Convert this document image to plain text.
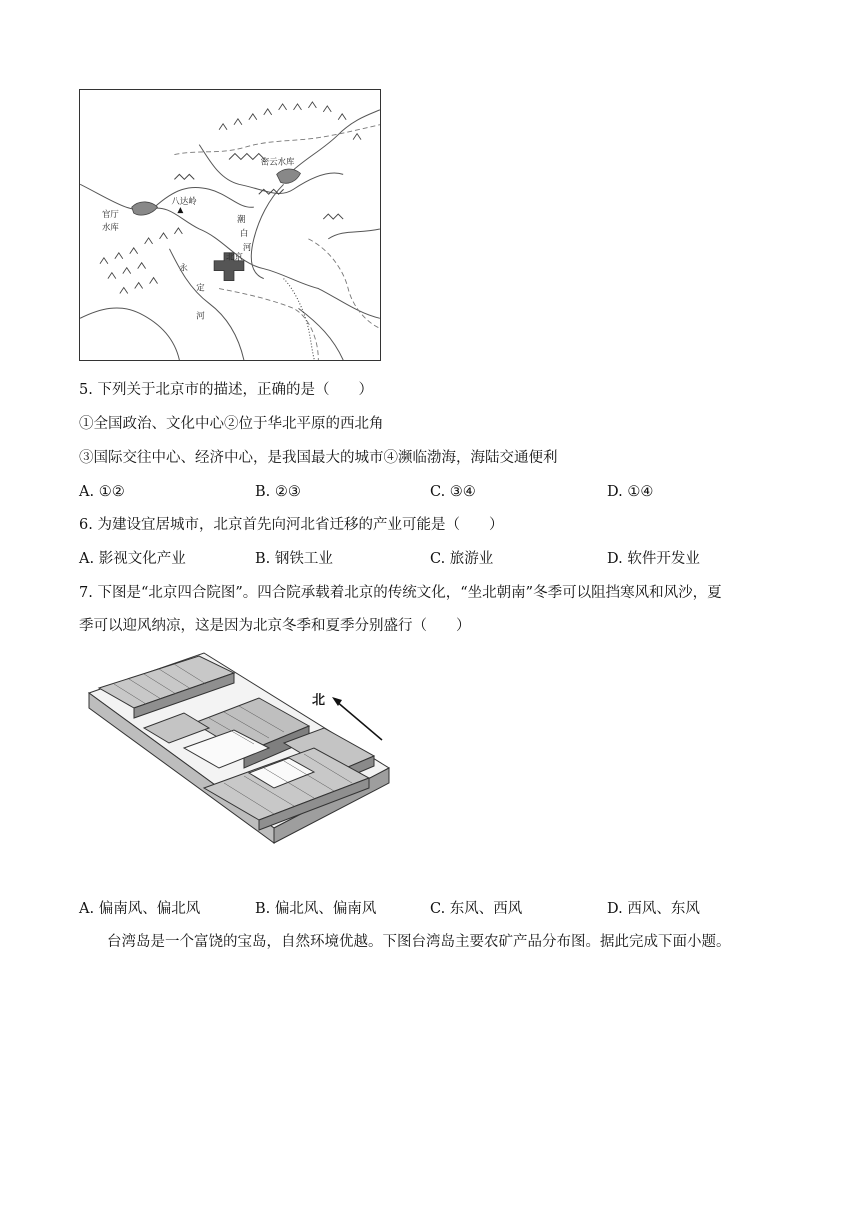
密云水库
八达岭
官厅
水库
潮
白
河
北京
永
定
河
5. 下列关于北京市的描述，正确的是（　　）
①全国政治、文化中心②位于华北平原的西北角
③国际交往中心、经济中心，是我国最大的城市④濒临渤海，海陆交通便利
A. ①②	B. ②③	C. ③④	D. ①④
6. 为建设宜居城市，北京首先向河北省迁移的产业可能是（　　）
A. 影视文化产业	B. 钢铁工业	C. 旅游业	D. 软件开发业
7. 下图是“北京四合院图”。四合院承载着北京的传统文化，“坐北朝南”冬季可以阻挡寒风和风沙，夏
季可以迎风纳凉，这是因为北京冬季和夏季分别盛行（　　）
北
A. 偏南风、偏北风	B. 偏北风、偏南风	C. 东风、西风	D. 西风、东风
台湾岛是一个富饶的宝岛，自然环境优越。下图台湾岛主要农矿产品分布图。据此完成下面小题。
